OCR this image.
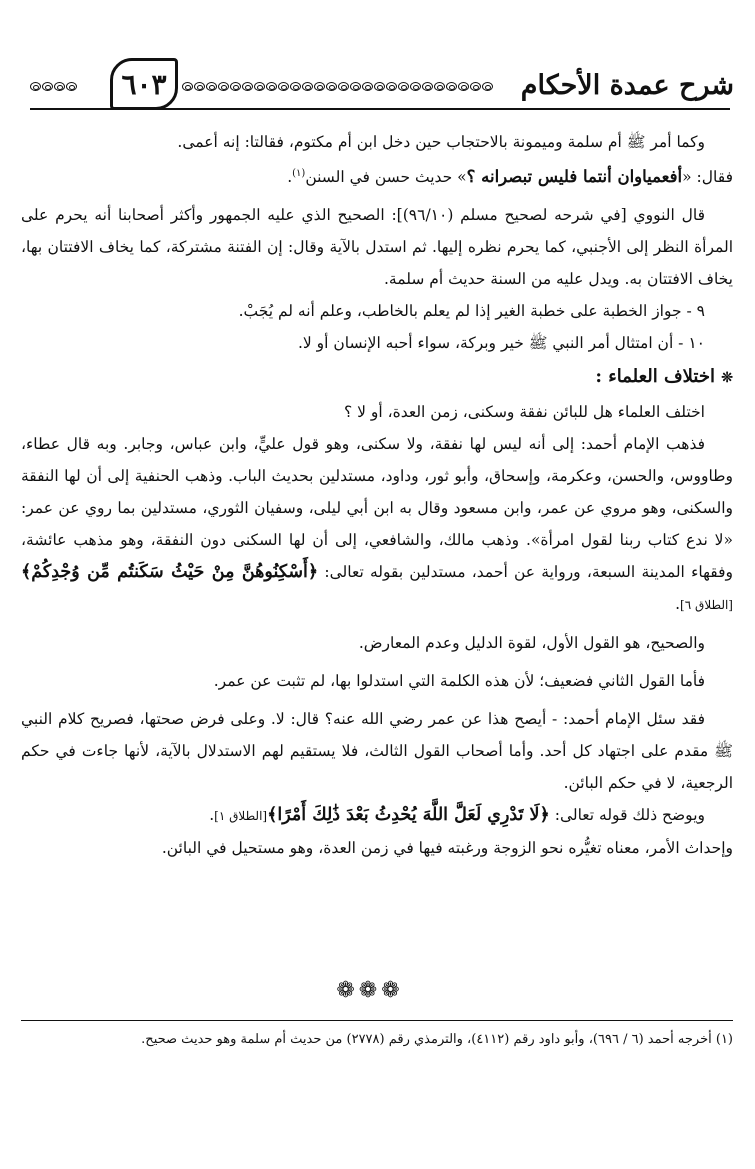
شرح عمدة الأحكام
٦٠٣

وكما أمر ﷺ أم سلمة وميمونة بالاحتجاب حين دخل ابن أم مكتوم، فقالتا: إنه أعمى.

فقال: «أفعمياوان أنتما فليس تبصرانه ؟» حديث حسن في السنن$^{(١)}$.

قال النووي [في شرحه لصحيح مسلم (٩٦/١٠)]: الصحيح الذي عليه الجمهور وأكثر أصحابنا أنه يحرم على المرأة النظر إلى الأجنبي، كما يحرم نظره إليها. ثم استدل بالآية وقال: إن الفتنة مشتركة، كما يخاف الافتتان بها، يخاف الافتتان به. ويدل عليه من السنة حديث أم سلمة.

٩ - جواز الخطبة على خطبة الغير إذا لم يعلم بالخاطب، وعلم أنه لم يُجَبْ.

١٠ - أن امتثال أمر النبي ﷺ خير وبركة، سواء أحبه الإنسان أو لا.

❊ اختلاف العلماء :

اختلف العلماء هل للبائن نفقة وسكنى، زمن العدة، أو لا ؟

فذهب الإمام أحمد: إلى أنه ليس لها نفقة، ولا سكنى، وهو قول عليٍّ، وابن عباس، وجابر. وبه قال عطاء، وطاووس، والحسن، وعكرمة، وإسحاق، وأبو ثور، وداود، مستدلين بحديث الباب. وذهب الحنفية إلى أن لها النفقة والسكنى، وهو مروي عن عمر، وابن مسعود وقال به ابن أبي ليلى، وسفيان الثوري، مستدلين بما روي عن عمر: «لا ندع كتاب ربنا لقول امرأة». وذهب مالك، والشافعي، إلى أن لها السكنى دون النفقة، وهو مذهب عائشة، وفقهاء المدينة السبعة، ورواية عن أحمد، مستدلين بقوله تعالى: ﴿أَسْكِنُوهُنَّ مِنْ حَيْثُ سَكَنتُم مِّن وُجْدِكُمْ﴾[الطلاق ٦].

والصحيح، هو القول الأول، لقوة الدليل وعدم المعارض.

فأما القول الثاني فضعيف؛ لأن هذه الكلمة التي استدلوا بها، لم تثبت عن عمر.

فقد سئل الإمام أحمد: - أيصح هذا عن عمر رضي الله عنه؟ قال: لا. وعلى فرض صحتها، فصريح كلام النبي ﷺ مقدم على اجتهاد كل أحد. وأما أصحاب القول الثالث، فلا يستقيم لهم الاستدلال بالآية، لأنها جاءت في حكم الرجعية، لا في حكم البائن.

ويوضح ذلك قوله تعالى: ﴿لَا تَدْرِي لَعَلَّ اللَّهَ يُحْدِثُ بَعْدَ ذَٰلِكَ أَمْرًا﴾[الطلاق ١].

وإحداث الأمر، معناه تغيُّره نحو الزوجة ورغبته فيها في زمن العدة، وهو مستحيل في البائن.

❁ ❁ ❁
(١) أخرجه أحمد (٦ / ٦٩٦)، وأبو داود رقم (٤١١٢)، والترمذي رقم (٢٧٧٨) من حديث أم سلمة وهو حديث صحيح.
